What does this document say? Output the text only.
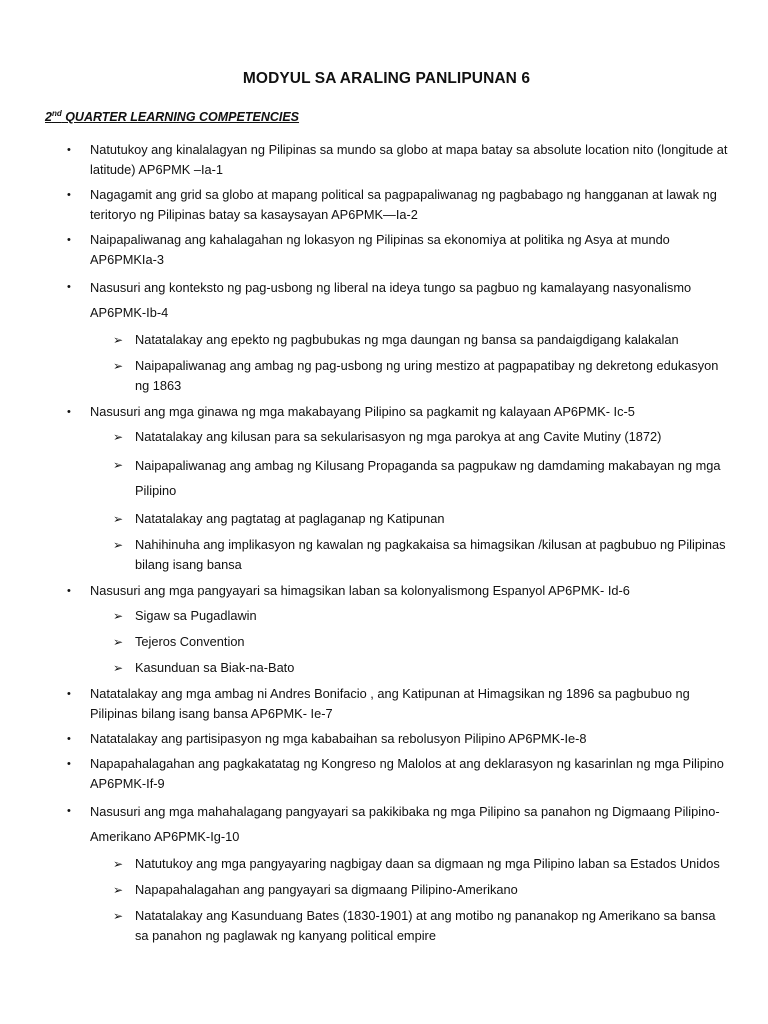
MODYUL SA ARALING PANLIPUNAN 6
2nd QUARTER LEARNING COMPETENCIES
• Natutukoy ang kinalalagyan ng Pilipinas sa mundo sa globo at mapa batay sa absolute location nito (longitude at latitude) AP6PMK –Ia-1
• Nagagamit ang grid sa globo at mapang political sa pagpapaliwanag ng pagbabago ng hangganan at lawak ng teritoryo ng Pilipinas batay sa kasaysayan AP6PMK—Ia-2
• Naipapaliwanag ang kahalagahan ng lokasyon ng Pilipinas sa ekonomiya at politika ng Asya at mundo AP6PMKIa-3
• Nasusuri ang konteksto ng pag-usbong ng liberal na ideya tungo sa pagbuo ng kamalayang nasyonalismo AP6PMK-Ib-4
➢ Natatalakay ang epekto ng pagbubukas ng mga daungan ng bansa sa pandaigdigang kalakalan
➢ Naipapaliwanag ang ambag ng pag-usbong ng uring mestizo at pagpapatibay ng dekretong edukasyon ng 1863
• Nasusuri ang mga ginawa ng mga makabayang Pilipino sa pagkamit ng kalayaan AP6PMK- Ic-5
➢ Natatalakay ang kilusan para sa sekularisasyon ng mga parokya at ang Cavite Mutiny (1872)
➢ Naipapaliwanag ang ambag ng Kilusang Propaganda sa pagpukaw ng damdaming makabayan ng mga Pilipino
➢ Natatalakay ang pagtatag at paglaganap ng Katipunan
➢ Nahihinuha ang implikasyon ng kawalan ng pagkakaisa sa himagsikan /kilusan at pagbubuo ng Pilipinas bilang isang bansa
• Nasusuri ang mga pangyayari sa himagsikan laban sa kolonyalismong Espanyol AP6PMK- Id-6
➢ Sigaw sa Pugadlawin
➢ Tejeros Convention
➢ Kasunduan sa Biak-na-Bato
• Natatalakay ang mga ambag ni Andres Bonifacio , ang Katipunan at Himagsikan ng 1896 sa pagbubuo ng Pilipinas bilang isang bansa AP6PMK- Ie-7
• Natatalakay ang partisipasyon ng mga kababaihan sa rebolusyon Pilipino AP6PMK-Ie-8
• Napapahalagahan ang pagkakatatag ng Kongreso ng Malolos at ang deklarasyon ng kasarinlan ng mga Pilipino AP6PMK-If-9
• Nasusuri ang mga mahahalagang pangyayari sa pakikibaka ng mga Pilipino sa panahon ng Digmaang Pilipino-Amerikano AP6PMK-Ig-10
➢ Natutukoy ang mga pangyayaring nagbigay daan sa digmaan ng mga Pilipino laban sa Estados Unidos
➢ Napapahalagahan ang pangyayari sa digmaang Pilipino-Amerikano
➢ Natatalakay ang Kasunduang Bates (1830-1901) at ang motibo ng pananakop ng Amerikano sa bansa sa panahon ng paglawak ng kanyang political empire
